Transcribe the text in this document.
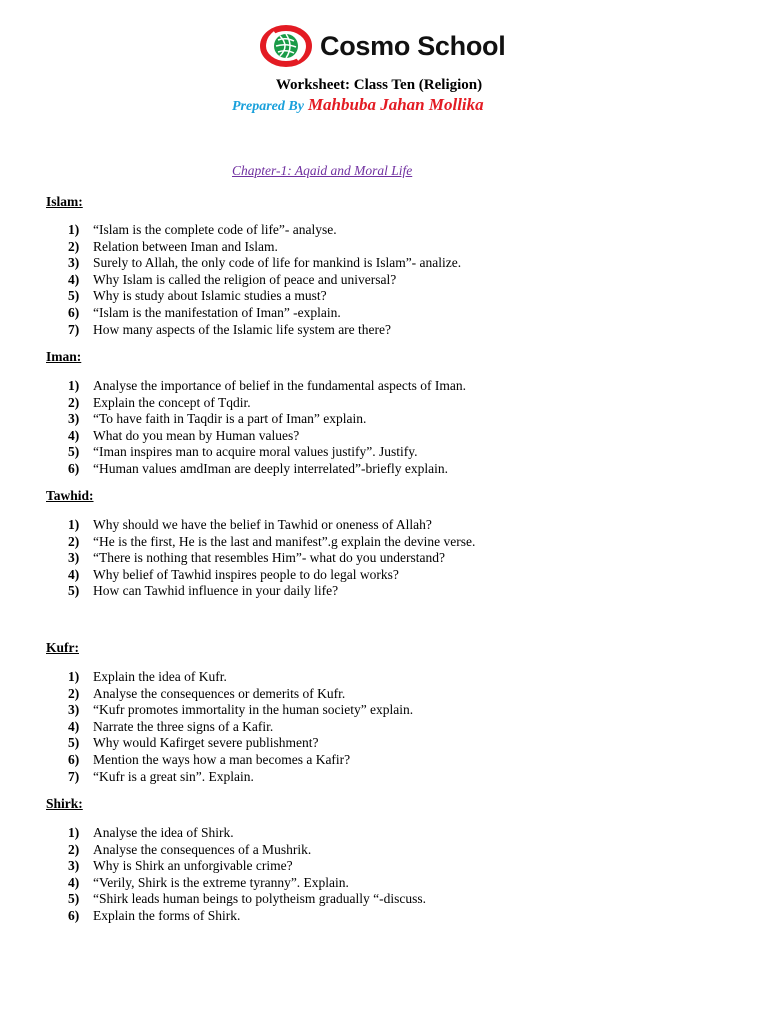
Cosmo School
Worksheet: Class Ten (Religion)
Prepared By Mahbuba Jahan Mollika
Chapter-1: Aqaid and Moral Life
Islam:
1)	“Islam is the complete code of life”- analyse.
2)	Relation between Iman and Islam.
3)	Surely to Allah, the only code of life for mankind is Islam”- analize.
4)	Why Islam is called the religion of peace and universal?
5)	Why is study about Islamic studies a must?
6)	“Islam is the manifestation of Iman” -explain.
7)	How many aspects of the Islamic life system are there?
Iman:
1)	Analyse the importance of belief in the fundamental aspects of Iman.
2)	Explain the concept of Tqdir.
3)	“To have faith in Taqdir is a part of Iman” explain.
4)	What do you mean by Human values?
5)	“Iman inspires man to acquire moral values justify”. Justify.
6)	“Human values amdIman are deeply interrelated”-briefly explain.
Tawhid:
1)	Why should we have the belief in Tawhid or oneness of Allah?
2)	“He is the first, He is the last and manifest”.g explain the devine verse.
3)	“There is nothing that resembles Him”- what do you understand?
4)	Why belief of Tawhid inspires people to do legal works?
5)	How can Tawhid influence in your daily life?
Kufr:
1)	Explain the idea of Kufr.
2)	Analyse the consequences or demerits of Kufr.
3)	“Kufr promotes immortality in the human society” explain.
4)	Narrate the three signs of a Kafir.
5)	Why would Kafirget severe publishment?
6)	Mention the ways how a man becomes a Kafir?
7)	“Kufr is a great sin”. Explain.
Shirk:
1)	Analyse the idea of Shirk.
2)	Analyse the consequences of a Mushrik.
3)	Why is Shirk an unforgivable crime?
4)	“Verily, Shirk is the extreme tyranny”. Explain.
5)	“Shirk leads human beings to polytheism gradually “-discuss.
6)	Explain the forms of Shirk.
